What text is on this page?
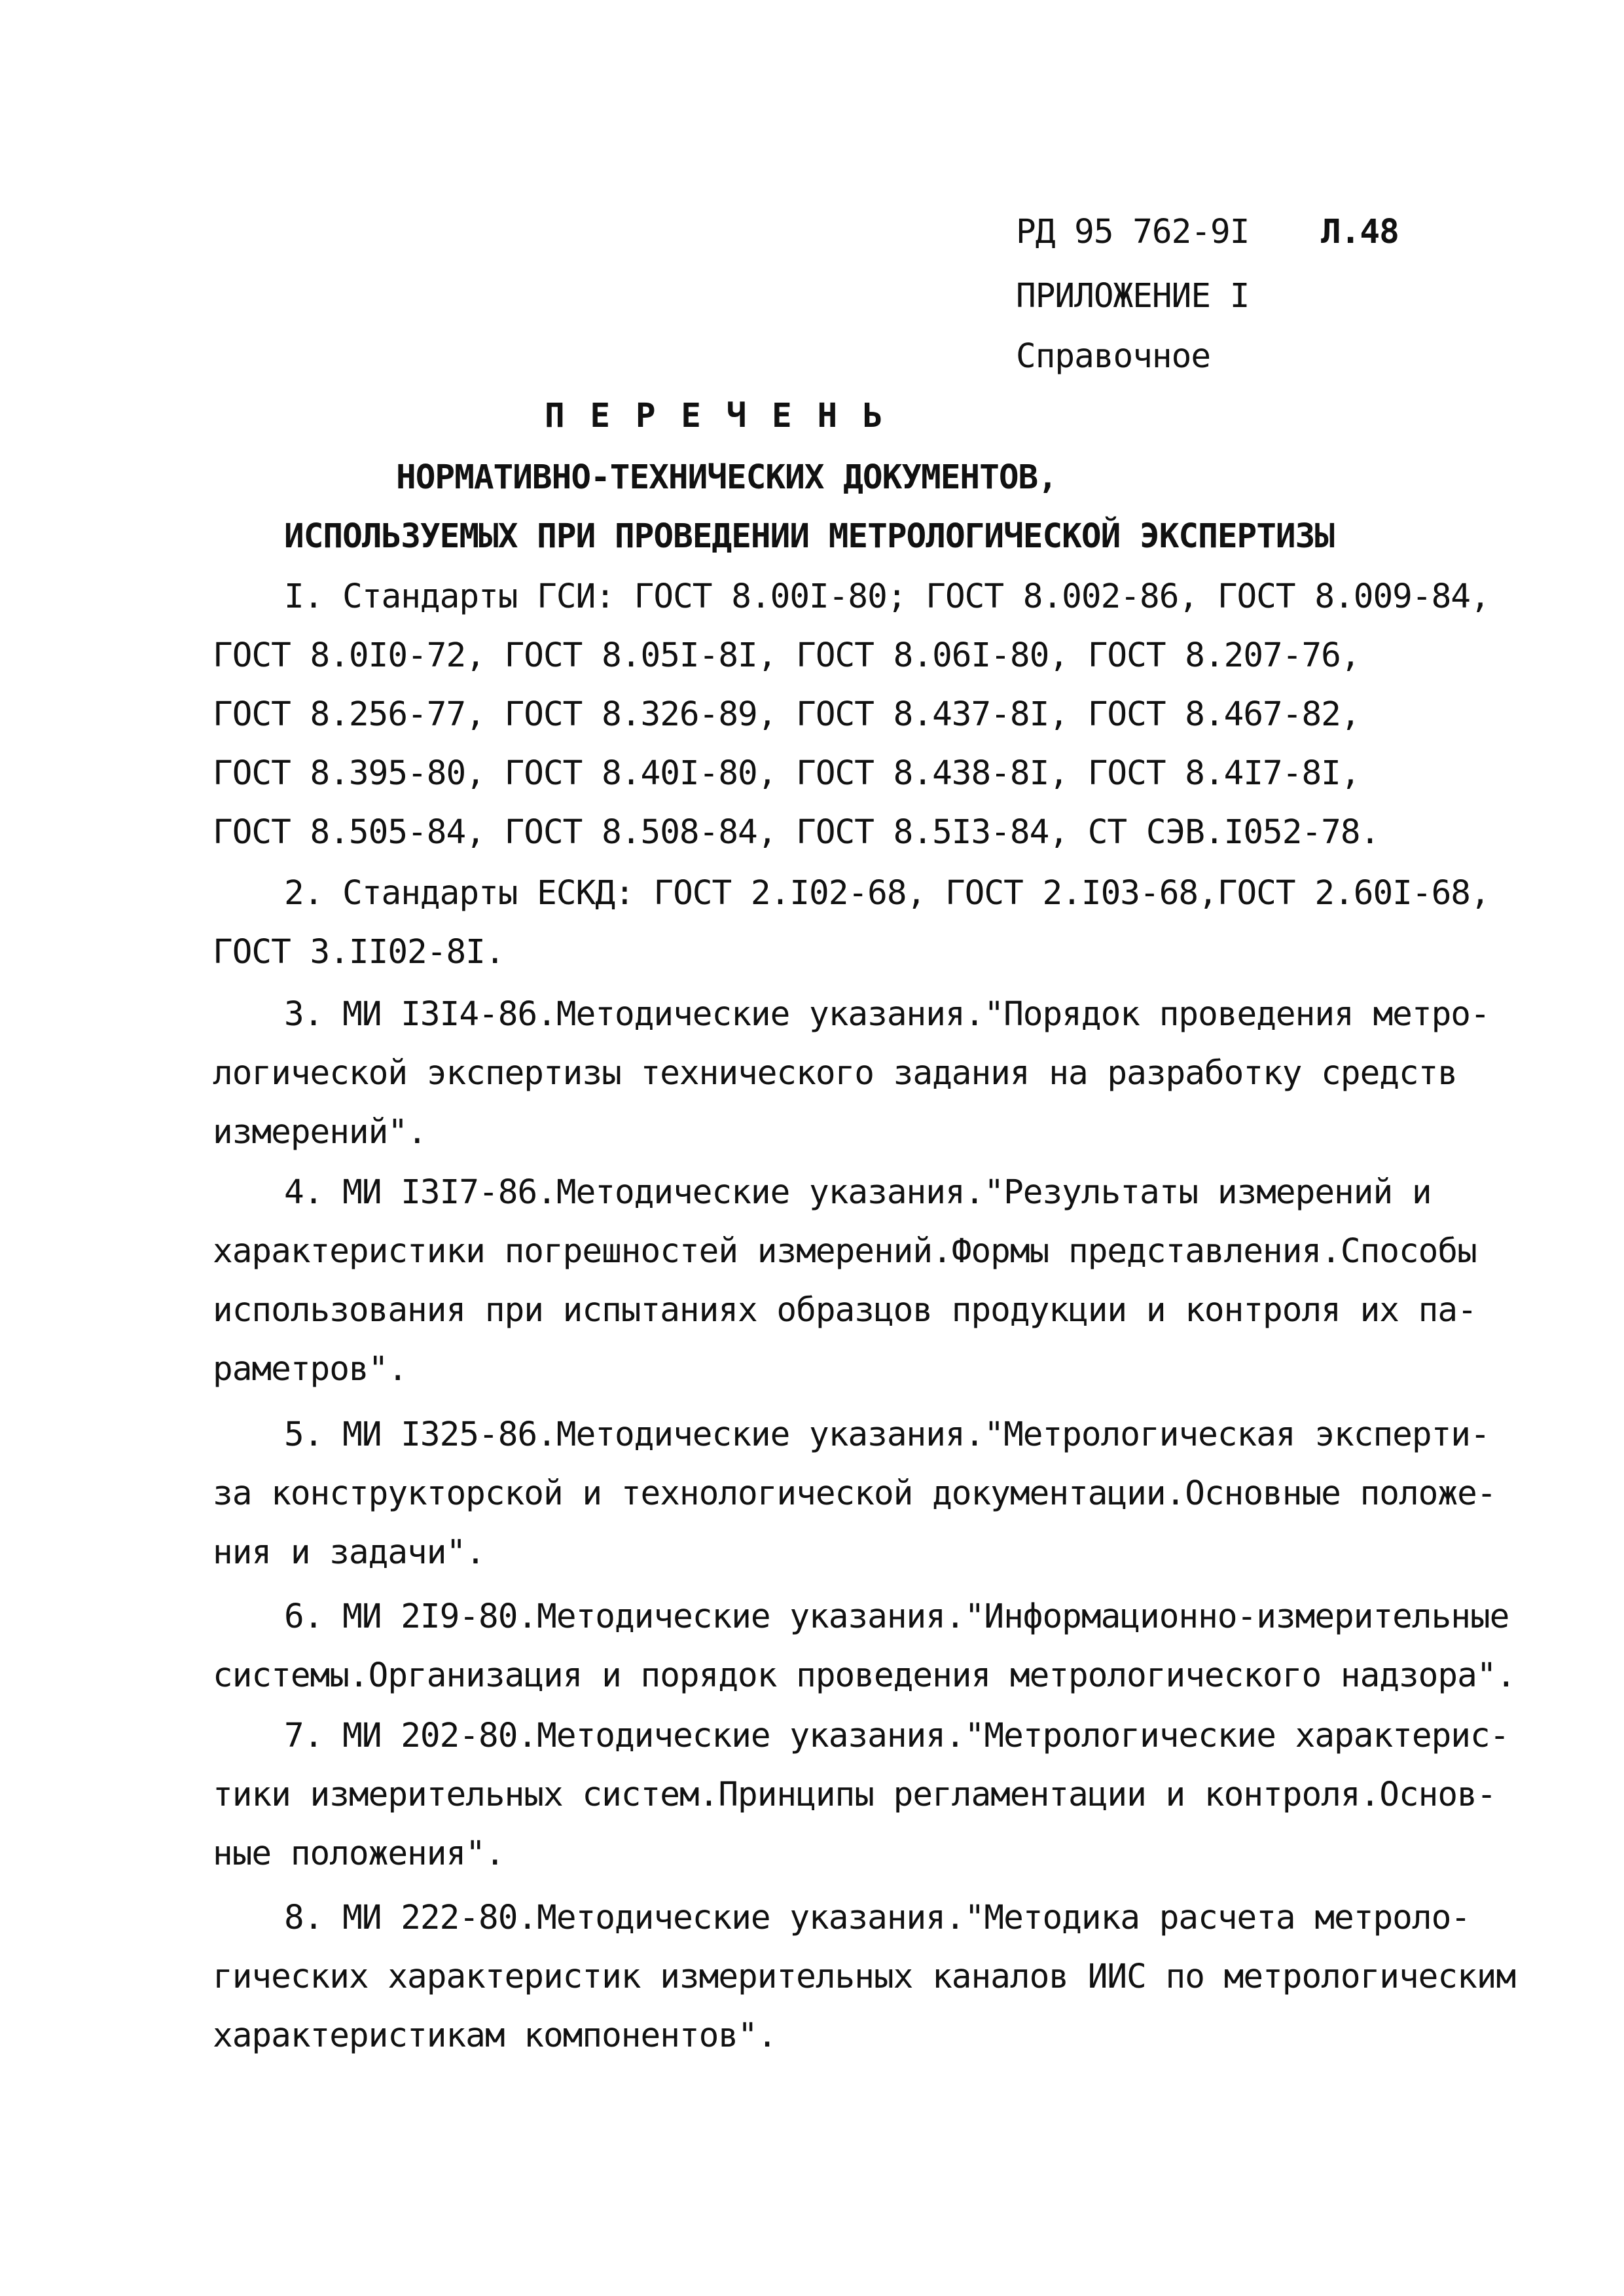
РД 95 762-9I Л.48
ПРИЛОЖЕНИЕ I
Справочное
П Е Р Е Ч Е Н Ь
НОРМАТИВНО-ТЕХНИЧЕСКИХ ДОКУМЕНТОВ,
ИСПОЛЬЗУЕМЫХ ПРИ ПРОВЕДЕНИИ МЕТРОЛОГИЧЕСКОЙ ЭКСПЕРТИЗЫ
I. Стандарты ГСИ: ГОСТ 8.00I-80; ГОСТ 8.002-86, ГОСТ 8.009-84,
ГОСТ 8.0I0-72, ГОСТ 8.05I-8I, ГОСТ 8.06I-80, ГОСТ 8.207-76,
ГОСТ 8.256-77, ГОСТ 8.326-89, ГОСТ 8.437-8I, ГОСТ 8.467-82,
ГОСТ 8.395-80, ГОСТ 8.40I-80, ГОСТ 8.438-8I, ГОСТ 8.4I7-8I,
ГОСТ 8.505-84, ГОСТ 8.508-84, ГОСТ 8.5I3-84, СТ СЭВ.I052-78.
2. Стандарты ЕСКД: ГОСТ 2.I02-68, ГОСТ 2.I03-68,ГОСТ 2.60I-68,
ГОСТ 3.II02-8I.
3. МИ I3I4-86.Методические указания."Порядок проведения метро-
логической экспертизы технического задания на разработку средств
измерений".
4. МИ I3I7-86.Методические указания."Результаты измерений и
характеристики погрешностей измерений.Формы представления.Способы
использования при испытаниях образцов продукции и контроля их па-
раметров".
5. МИ I325-86.Методические указания."Метрологическая эксперти-
за конструкторской и технологической документации.Основные положе-
ния и задачи".
6. МИ 2I9-80.Методические указания."Информационно-измерительные
системы.Организация и порядок проведения метрологического надзора".
7. МИ 202-80.Методические указания."Метрологические характерис-
тики измерительных систем.Принципы регламентации и контроля.Основ-
ные положения".
8. МИ 222-80.Методические указания."Методика расчета метроло-
гических характеристик измерительных каналов ИИС по метрологическим
характеристикам компонентов".
